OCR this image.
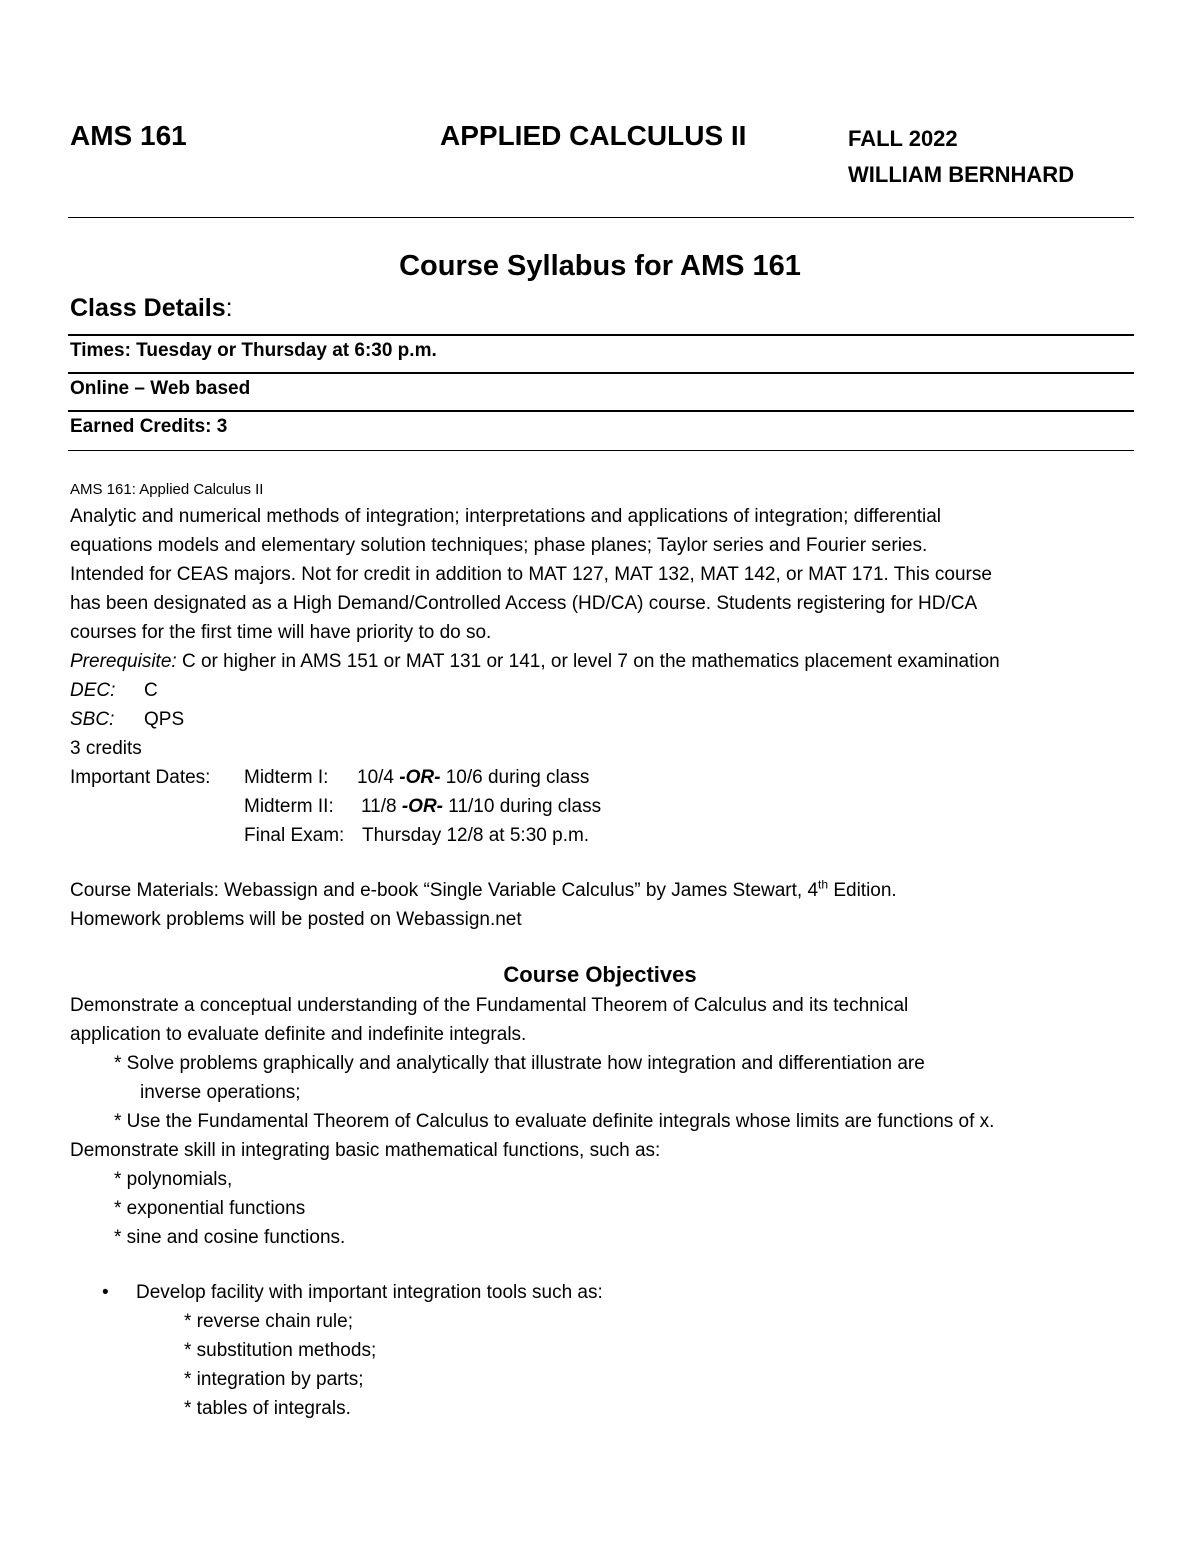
AMS 161	APPLIED CALCULUS II	FALL 2022
WILLIAM BERNHARD
Course Syllabus for AMS 161
Class Details:
Times: Tuesday or Thursday at 6:30 p.m.
Online – Web based
Earned Credits: 3
AMS 161: Applied Calculus II
Analytic and numerical methods of integration; interpretations and applications of integration; differential
equations models and elementary solution techniques; phase planes; Taylor series and Fourier series.
Intended for CEAS majors. Not for credit in addition to MAT 127, MAT 132, MAT 142, or MAT 171. This course
has been designated as a High Demand/Controlled Access (HD/CA) course. Students registering for HD/CA
courses for the first time will have priority to do so.
Prerequisite: C or higher in AMS 151 or MAT 131 or 141, or level 7 on the mathematics placement examination
DEC: C
SBC: QPS
3 credits
Important Dates: Midterm I: 10/4 -OR- 10/6 during class
Midterm II: 11/8 -OR- 11/10 during class
Final Exam: Thursday 12/8 at 5:30 p.m.
Course Materials: Webassign and e-book “Single Variable Calculus” by James Stewart, 4th Edition.
Homework problems will be posted on Webassign.net
Course Objectives
Demonstrate a conceptual understanding of the Fundamental Theorem of Calculus and its technical
application to evaluate definite and indefinite integrals.
* Solve problems graphically and analytically that illustrate how integration and differentiation are
inverse operations;
* Use the Fundamental Theorem of Calculus to evaluate definite integrals whose limits are functions of x.
Demonstrate skill in integrating basic mathematical functions, such as:
* polynomials,
* exponential functions
* sine and cosine functions.
• Develop facility with important integration tools such as:
* reverse chain rule;
* substitution methods;
* integration by parts;
* tables of integrals.
